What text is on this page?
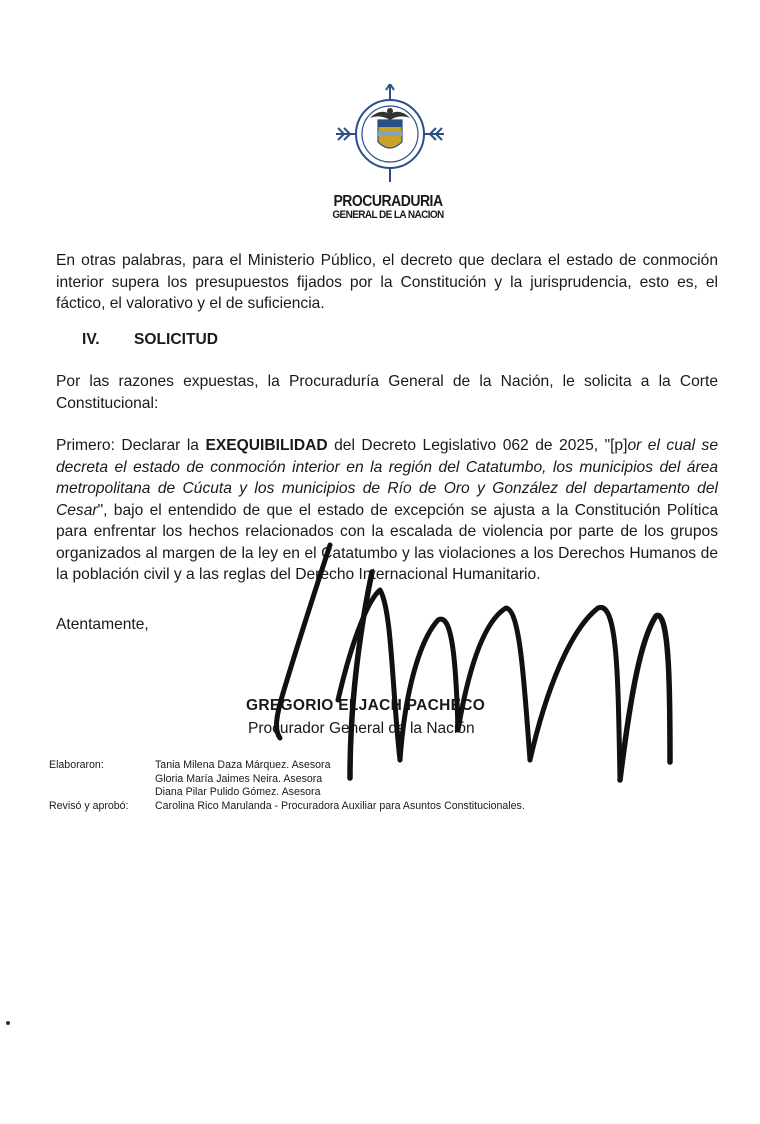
PROCURADURIA
GENERAL DE LA NACION

En otras palabras, para el Ministerio Público, el decreto que declara el estado de conmoción interior supera los presupuestos fijados por la Constitución y la jurisprudencia, esto es, el fáctico, el valorativo y el de suficiencia.

IV. SOLICITUD

Por las razones expuestas, la Procuraduría General de la Nación, le solicita a la Corte Constitucional:

Primero: Declarar la EXEQUIBILIDAD del Decreto Legislativo 062 de 2025, "[p]or el cual se decreta el estado de conmoción interior en la región del Catatumbo, los municipios del área metropolitana de Cúcuta y los municipios de Río de Oro y González del departamento del Cesar", bajo el entendido de que el estado de excepción se ajusta a la Constitución Política para enfrentar los hechos relacionados con la escalada de violencia por parte de los grupos organizados al margen de la ley en el Catatumbo y las violaciones a los Derechos Humanos de la población civil y a las reglas del Derecho Internacional Humanitario.

Atentamente,
GREGORIO ELJACH PACHECO
Procurador General de la Nación
Elaboraron:
Revisó y aprobó:
Tania Milena Daza Márquez. Asesora
Gloria María Jaimes Neira. Asesora
Diana Pilar Pulido Gómez. Asesora
Carolina Rico Marulanda - Procuradora Auxiliar para Asuntos Constitucionales.
